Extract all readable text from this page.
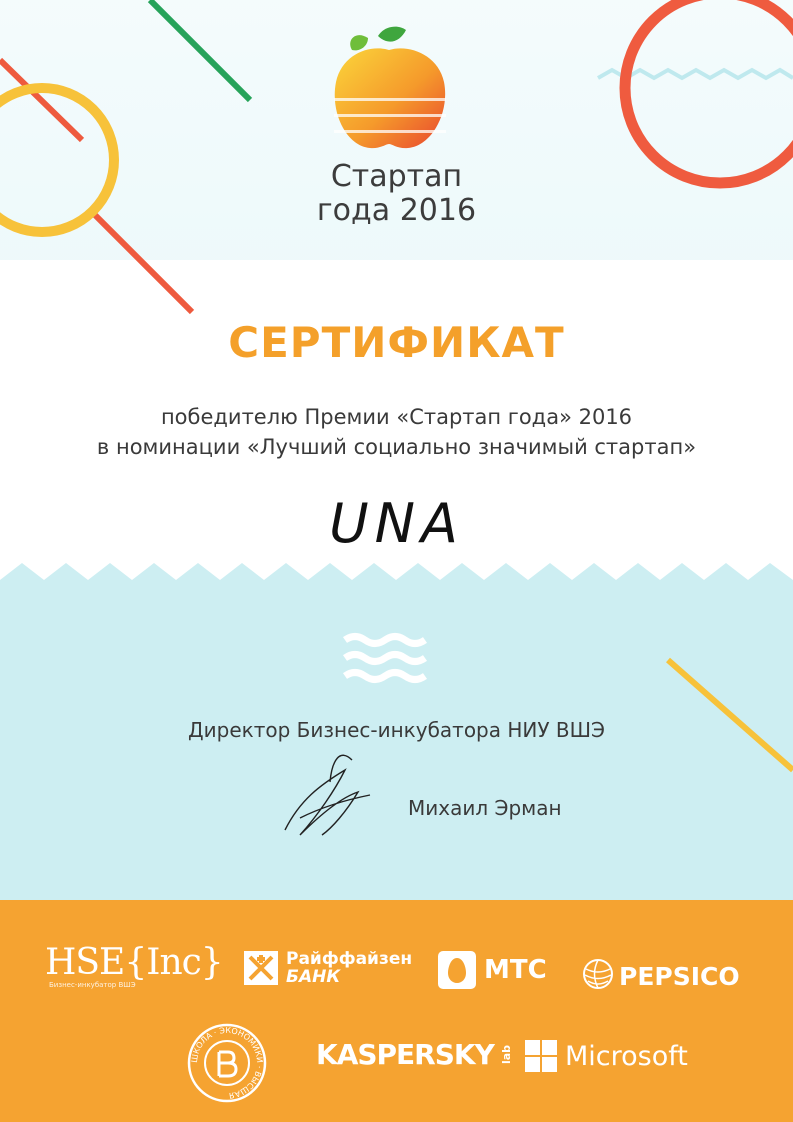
Стартап
года 2016
СЕРТИФИКАТ
победителю Премии «Стартап года» 2016
в номинации «Лучший социально значимый стартап»
UNA
Директор Бизнес-инкубатора НИУ ВШЭ
Михаил Эрман
HSE{Inc}
Бизнес-инкубатор ВШЭ
Райффайзен
БАНК	МТС	PEPSICO
ШКОЛА · ЭКОНОМИКИ · ВЫСШАЯ
KASPERSKY lab Microsoft
